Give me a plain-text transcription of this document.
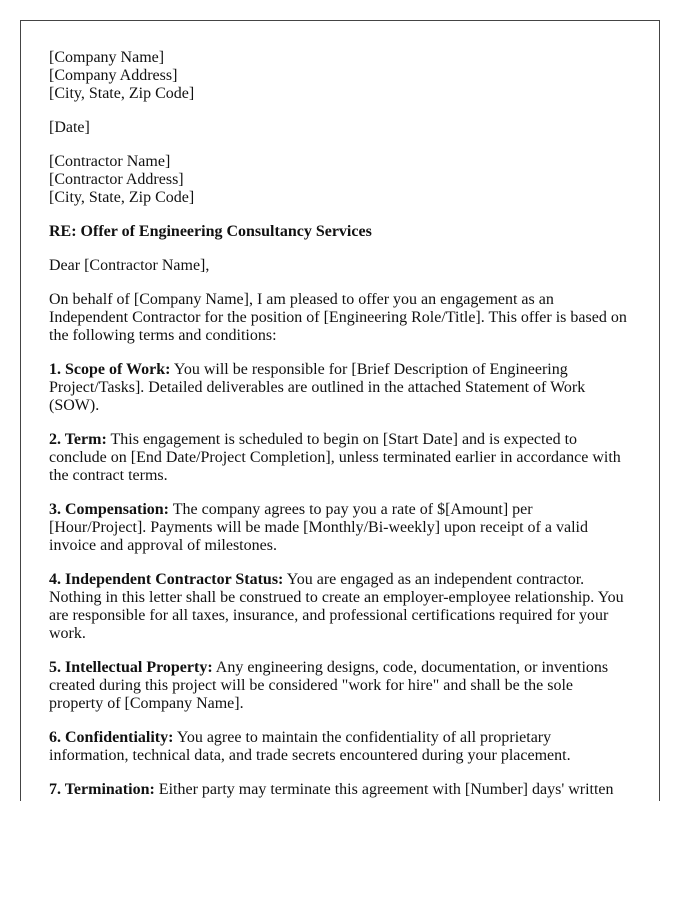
[Company Name]
[Company Address]
[City, State, Zip Code]

[Date]

[Contractor Name]
[Contractor Address]
[City, State, Zip Code]

RE: Offer of Engineering Consultancy Services

Dear [Contractor Name],

On behalf of [Company Name], I am pleased to offer you an engagement as an Independent Contractor for the position of [Engineering Role/Title]. This offer is based on the following terms and conditions:

1. Scope of Work: You will be responsible for [Brief Description of Engineering Project/Tasks]. Detailed deliverables are outlined in the attached Statement of Work (SOW).

2. Term: This engagement is scheduled to begin on [Start Date] and is expected to conclude on [End Date/Project Completion], unless terminated earlier in accordance with the contract terms.

3. Compensation: The company agrees to pay you a rate of $[Amount] per [Hour/Project]. Payments will be made [Monthly/Bi-weekly] upon receipt of a valid invoice and approval of milestones.

4. Independent Contractor Status: You are engaged as an independent contractor. Nothing in this letter shall be construed to create an employer-employee relationship. You are responsible for all taxes, insurance, and professional certifications required for your work.

5. Intellectual Property: Any engineering designs, code, documentation, or inventions created during this project will be considered "work for hire" and shall be the sole property of [Company Name].

6. Confidentiality: You agree to maintain the confidentiality of all proprietary information, technical data, and trade secrets encountered during your placement.

7. Termination: Either party may terminate this agreement with [Number] days' written
